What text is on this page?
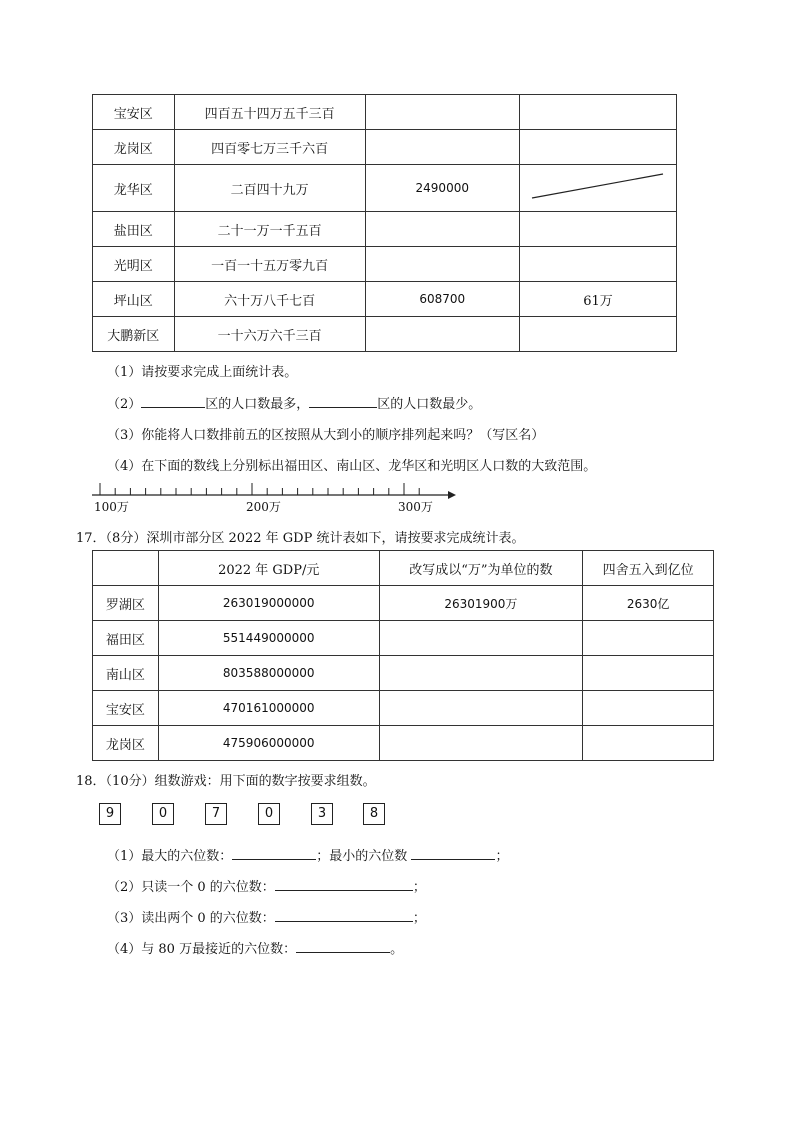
宝安区	四百五十四万五千三百		
龙岗区	四百零七万三千六百		
龙华区	二百四十九万	2490000	

盐田区	二十一万一千五百		
光明区	一百一十五万零九百		
坪山区	六十万八千七百	608700	61万
大鹏新区	一十六万六千三百		
（1）请按要求完成上面统计表。
（2）	区的人口数最多，	区的人口数最少。
（3）你能将人口数排前五的区按照从大到小的顺序排列起来吗？（写区名）
（4）在下面的数线上分别标出福田区、南山区、龙华区和光明区人口数的大致范围。
100万	200万	300万
17．（8分）深圳市部分区 2022 年 GDP 统计表如下，请按要求完成统计表。
	2022 年 GDP/元	改写成以“万”为单位的数	四舍五入到亿位
罗湖区	263019000000	26301900万	2630亿
福田区	551449000000		
南山区	803588000000		
宝安区	470161000000		
龙岗区	475906000000		
18．（10分）组数游戏：用下面的数字按要求组数。
9	0	7	0	3	8
（1）最大的六位数：	；最小的六位数	；
（2）只读一个 0 的六位数：	；
（3）读出两个 0 的六位数：	；
（4）与 80 万最接近的六位数：	。
